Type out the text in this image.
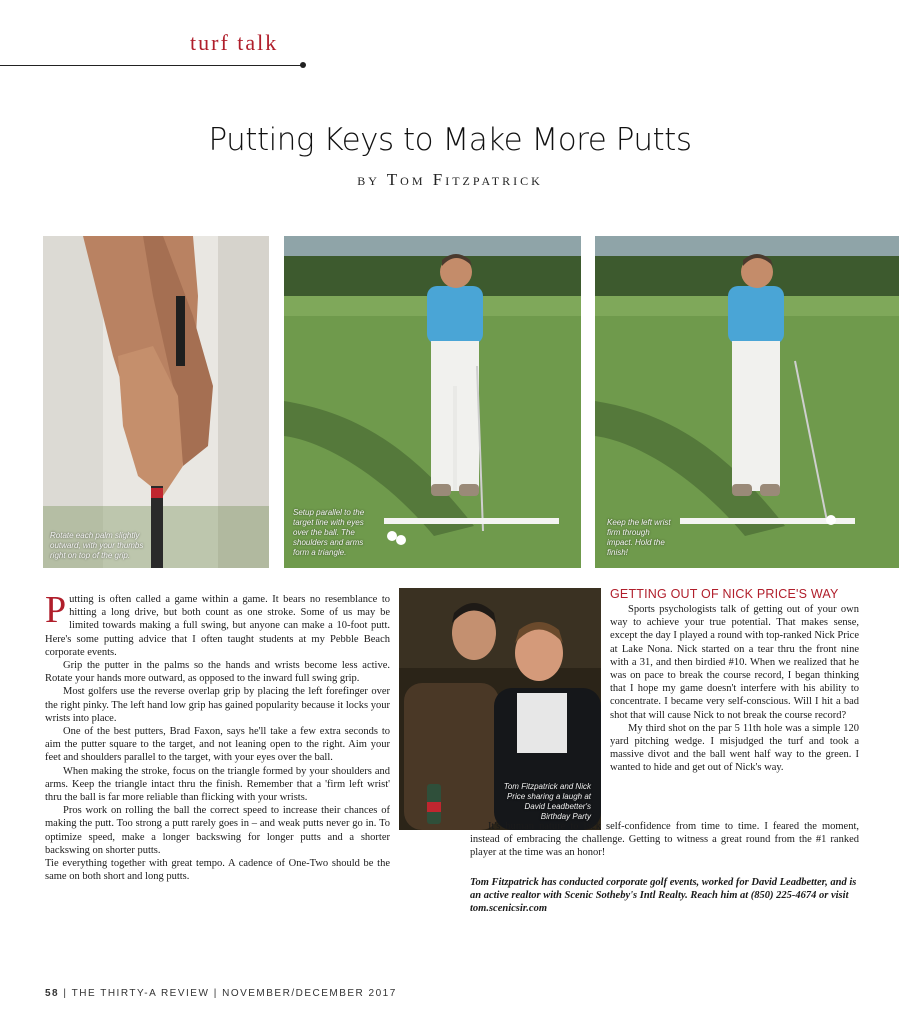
turf talk
Putting Keys to Make More Putts
by Tom Fitzpatrick
Rotate each palm slightly outward, with your thumbs right on top of the grip.
Setup parallel to the target line with eyes over the ball. The shoulders and arms form a triangle.
Keep the left wrist firm through impact. Hold the finish!

Putting is often called a game within a game. It bears no resemblance to hitting a long drive, but both count as one stroke. Some of us may be limited towards making a full swing, but anyone can make a 10-foot putt. Here's some putting advice that I often taught students at my Pebble Beach corporate events.

Grip the putter in the palms so the hands and wrists become less active. Rotate your hands more outward, as opposed to the inward full swing grip.

Most golfers use the reverse overlap grip by placing the left forefinger over the right pinky. The left hand low grip has gained popularity because it locks your wrists into place.

One of the best putters, Brad Faxon, says he'll take a few extra seconds to aim the putter square to the target, and not leaning open to the right. Aim your feet and shoulders parallel to the target, with your eyes over the ball.

When making the stroke, focus on the triangle formed by your shoulders and arms. Keep the triangle intact thru the finish. Remember that a 'firm left wrist' thru the ball is far more reliable than flicking with your wrists.

Pros work on rolling the ball the correct speed to increase their chances of making the putt. Too strong a putt rarely goes in – and weak putts never go in. To optimize speed, make a longer backswing for longer putts and a shorter backswing on shorter putts.

Tie everything together with great tempo. A cadence of One-Two should be the same on both short and long putts.

Tom Fitzpatrick and Nick Price sharing a laugh at David Leadbetter's Birthday Party
GETTING OUT OF NICK PRICE'S WAY

Sports psychologists talk of getting out of your own way to achieve your true potential. That makes sense, except the day I played a round with top-ranked Nick Price at Lake Nona. Nick started on a tear thru the front nine with a 31, and then birdied #10. When we realized that he was on pace to break the course record, I began thinking that I hope my game doesn't interfere with his ability to concentrate. I became very self-conscious. Will I hit a bad shot that will cause Nick to not break the course record?

My third shot on the par 5 11th hole was a simple 120 yard pitching wedge. I misjudged the turf and took a massive divot and the ball went half way to the green. I wanted to hide and get out of Nick's way.

It's human nature to lack self-confidence from time to time. I feared the moment, instead of embracing the challenge. Getting to witness a great round from the #1 ranked player at the time was an honor!

Tom Fitzpatrick has conducted corporate golf events, worked for David Leadbetter, and is an active realtor with Scenic Sotheby's Intl Realty. Reach him at (850) 225-4674 or visit tom.scenicsir.com
58 | THE THIRTY-A REVIEW | NOVEMBER/DECEMBER 2017
